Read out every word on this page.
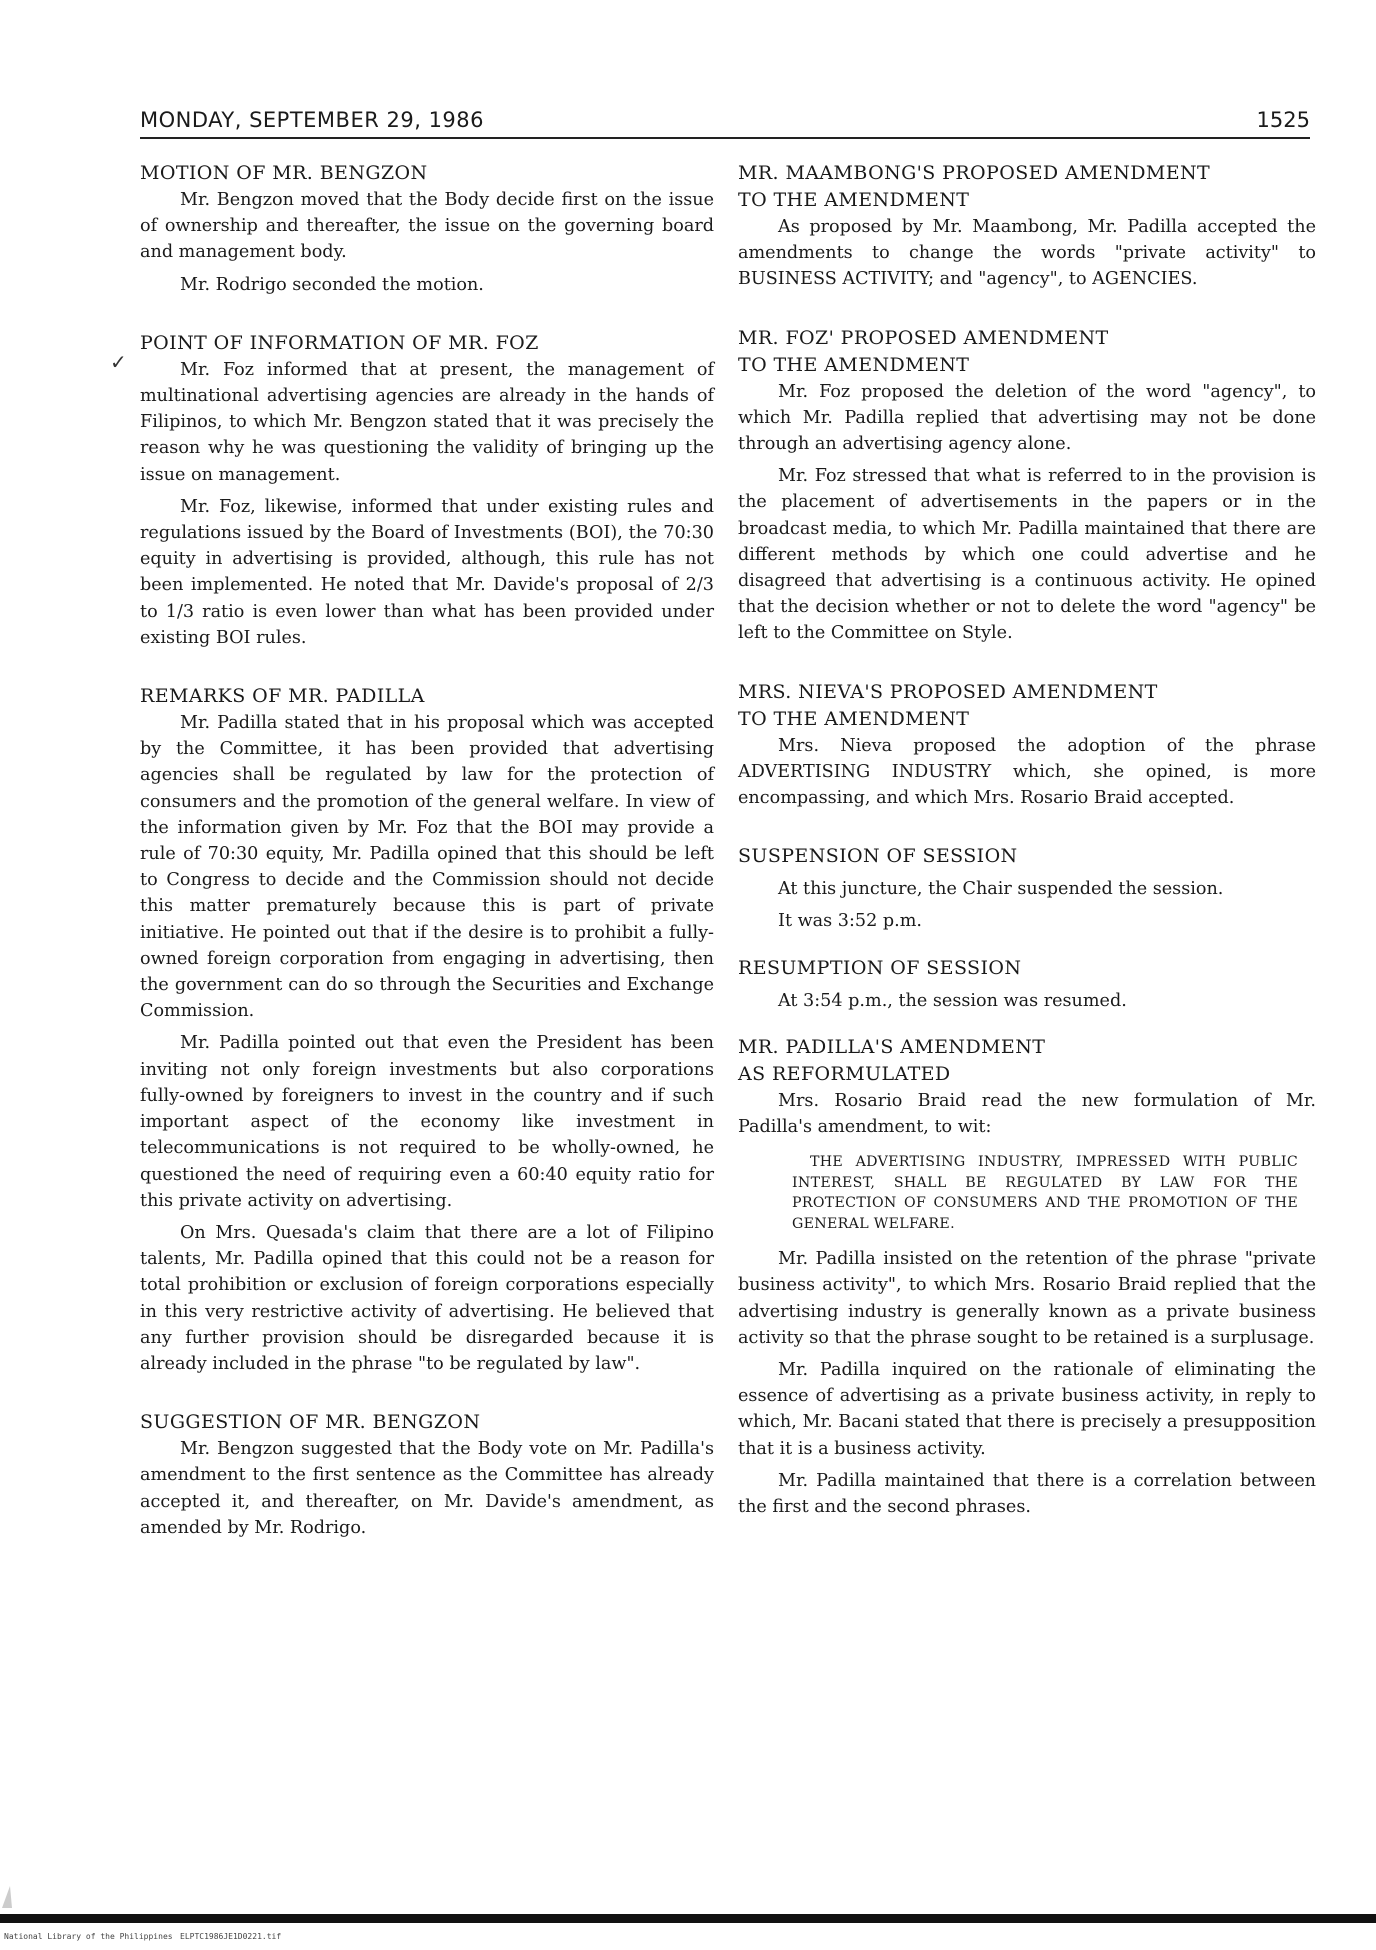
MONDAY, SEPTEMBER 29, 1986	1525
✓

MOTION OF MR. BENGZON

Mr. Bengzon moved that the Body decide first on the issue of ownership and thereafter, the issue on the governing board and management body.

Mr. Rodrigo seconded the motion.

POINT OF INFORMATION OF MR. FOZ

Mr. Foz informed that at present, the management of multinational advertising agencies are already in the hands of Filipinos, to which Mr. Bengzon stated that it was precisely the reason why he was questioning the validity of bringing up the issue on management.

Mr. Foz, likewise, informed that under existing rules and regulations issued by the Board of Investments (BOI), the 70:30 equity in advertising is provided, although, this rule has not been implemented. He noted that Mr. Davide's proposal of 2/3 to 1/3 ratio is even lower than what has been provided under existing BOI rules.

REMARKS OF MR. PADILLA

Mr. Padilla stated that in his proposal which was accepted by the Committee, it has been provided that advertising agencies shall be regulated by law for the protection of consumers and the promotion of the general welfare. In view of the information given by Mr. Foz that the BOI may provide a rule of 70:30 equity, Mr. Padilla opined that this should be left to Congress to decide and the Commission should not decide this matter prematurely because this is part of private initiative. He pointed out that if the desire is to prohibit a fully-owned foreign corporation from engaging in advertising, then the government can do so through the Securities and Exchange Commission.

Mr. Padilla pointed out that even the President has been inviting not only foreign investments but also corporations fully-owned by foreigners to invest in the country and if such important aspect of the economy like investment in telecommunications is not required to be wholly-owned, he questioned the need of requiring even a 60:40 equity ratio for this private activity on advertising.

On Mrs. Quesada's claim that there are a lot of Filipino talents, Mr. Padilla opined that this could not be a reason for total prohibition or exclusion of foreign corporations especially in this very restrictive activity of advertising. He believed that any further provision should be disregarded because it is already included in the phrase "to be regulated by law".

SUGGESTION OF MR. BENGZON

Mr. Bengzon suggested that the Body vote on Mr. Padilla's amendment to the first sentence as the Committee has already accepted it, and thereafter, on Mr. Davide's amendment, as amended by Mr. Rodrigo.

MR. MAAMBONG'S PROPOSED AMENDMENT
TO THE AMENDMENT

As proposed by Mr. Maambong, Mr. Padilla accepted the amendments to change the words "private activity" to BUSINESS ACTIVITY; and "agency", to AGENCIES.

MR. FOZ' PROPOSED AMENDMENT
TO THE AMENDMENT

Mr. Foz proposed the deletion of the word "agency", to which Mr. Padilla replied that advertising may not be done through an advertising agency alone.

Mr. Foz stressed that what is referred to in the provision is the placement of advertisements in the papers or in the broadcast media, to which Mr. Padilla maintained that there are different methods by which one could advertise and he disagreed that advertising is a continuous activity. He opined that the decision whether or not to delete the word "agency" be left to the Committee on Style.

MRS. NIEVA'S PROPOSED AMENDMENT
TO THE AMENDMENT

Mrs. Nieva proposed the adoption of the phrase ADVERTISING INDUSTRY which, she opined, is more encompassing, and which Mrs. Rosario Braid accepted.

SUSPENSION OF SESSION

At this juncture, the Chair suspended the session.

It was 3:52 p.m.

RESUMPTION OF SESSION

At 3:54 p.m., the session was resumed.

MR. PADILLA'S AMENDMENT
AS REFORMULATED

Mrs. Rosario Braid read the new formulation of Mr. Padilla's amendment, to wit:

THE ADVERTISING INDUSTRY, IMPRESSED WITH PUBLIC INTEREST, SHALL BE REGULATED BY LAW FOR THE PROTECTION OF CONSUMERS AND THE PROMOTION OF THE GENERAL WELFARE.

Mr. Padilla insisted on the retention of the phrase "private business activity", to which Mrs. Rosario Braid replied that the advertising industry is generally known as a private business activity so that the phrase sought to be retained is a surplusage.

Mr. Padilla inquired on the rationale of eliminating the essence of advertising as a private business activity, in reply to which, Mr. Bacani stated that there is precisely a presupposition that it is a business activity.

Mr. Padilla maintained that there is a correlation between the first and the second phrases.

National Library of the Philippines ELPTC1986JE1D0221.tif
